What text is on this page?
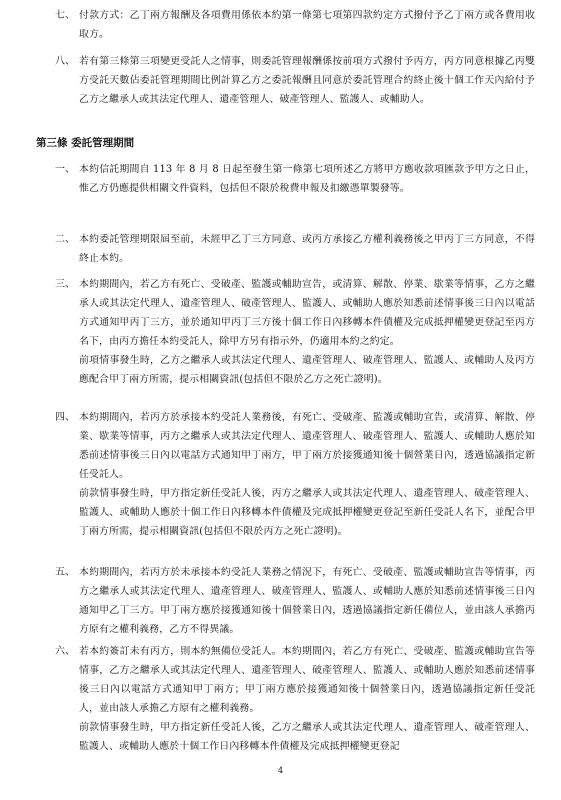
七、 付款方式：乙丁兩方報酬及各項費用係依本約第一條第七項第四款約定方式撥付予乙丁兩方或各費用收取方。
八、 若有第三條第三項變更受託人之情事，則委託管理報酬係按前項方式撥付予丙方，丙方同意根據乙丙雙方受託天數佔委託管理期間比例計算乙方之委託報酬且同意於委託管理合約終止後十個工作天內給付予乙方之繼承人或其法定代理人、遺產管理人、破產管理人、監護人、或輔助人。
第三條 委託管理期間
一、 本約信託期間自 113 年 8 月 8 日起至發生第一條第七項所述乙方將甲方應收款項匯款予甲方之日止，惟乙方仍應提供相關文件資料，包括但不限於稅費申報及扣繳憑單製發等。

二、 本約委託管理期限屆至前，未經甲乙丁三方同意、或丙方承接乙方權利義務後之甲丙丁三方同意，不得終止本約。

三、 本約期間內，若乙方有死亡、受破產、監護或輔助宣告，或清算、解散、停業、歇業等情事，乙方之繼承人或其法定代理人、遺產管理人、破產管理人、監護人、或輔助人應於知悉前述情事後三日內以電話方式通知甲丙丁三方，並於通知甲丙丁三方後十個工作日內移轉本件債權及完成抵押權變更登記至丙方名下，由丙方擔任本約受託人，除甲方另有指示外，仍適用本約之約定。

前項情事發生時，乙方之繼承人或其法定代理人、遺產管理人、破產管理人、監護人、或輔助人及丙方應配合甲丁兩方所需，提示相關資訊(包括但不限於乙方之死亡證明)。

四、 本約期間內，若丙方於承接本約受託人業務後，有死亡、受破產、監護或輔助宣告，或清算、解散、停業、歇業等情事，丙方之繼承人或其法定代理人、遺產管理人、破產管理人、監護人、或輔助人應於知悉前述情事後三日內以電話方式通知甲丁兩方，甲丁兩方於接獲通知後十個營業日內，透過協議指定新任受託人。

前款情事發生時，甲方指定新任受託人後，丙方之繼承人或其法定代理人、遺產管理人、破產管理人、監護人、或輔助人應於十個工作日內移轉本件債權及完成抵押權變更登記至新任受託人名下，並配合甲丁兩方所需，提示相關資訊(包括但不限於丙方之死亡證明)。

五、 本約期間內，若丙方於未承接本約受託人業務之情況下，有死亡、受破產、監護或輔助宣告等情事，丙方之繼承人或其法定代理人、遺產管理人、破產管理人、監護人、或輔助人應於知悉前述情事後三日內通知甲乙丁三方。甲丁兩方應於接獲通知後十個營業日內，透過協議指定新任備位人，並由該人承擔丙方原有之權利義務，乙方不得異議。

六、 若本約簽訂未有丙方，則本約無備位受託人。本約期間內，若乙方有死亡、受破產、監護或輔助宣告等情事，乙方之繼承人或其法定代理人、遺產管理人、破產管理人、監護人、或輔助人應於知悉前述情事後三日內以電話方式通知甲丁兩方；甲丁兩方應於接獲通知後十個營業日內，透過協議指定新任受託人，並由該人承擔乙方原有之權利義務。

前款情事發生時，甲方指定新任受託人後，乙方之繼承人或其法定代理人、遺產管理人、破產管理人、監護人、或輔助人應於十個工作日內移轉本件債權及完成抵押權變更登記

4
